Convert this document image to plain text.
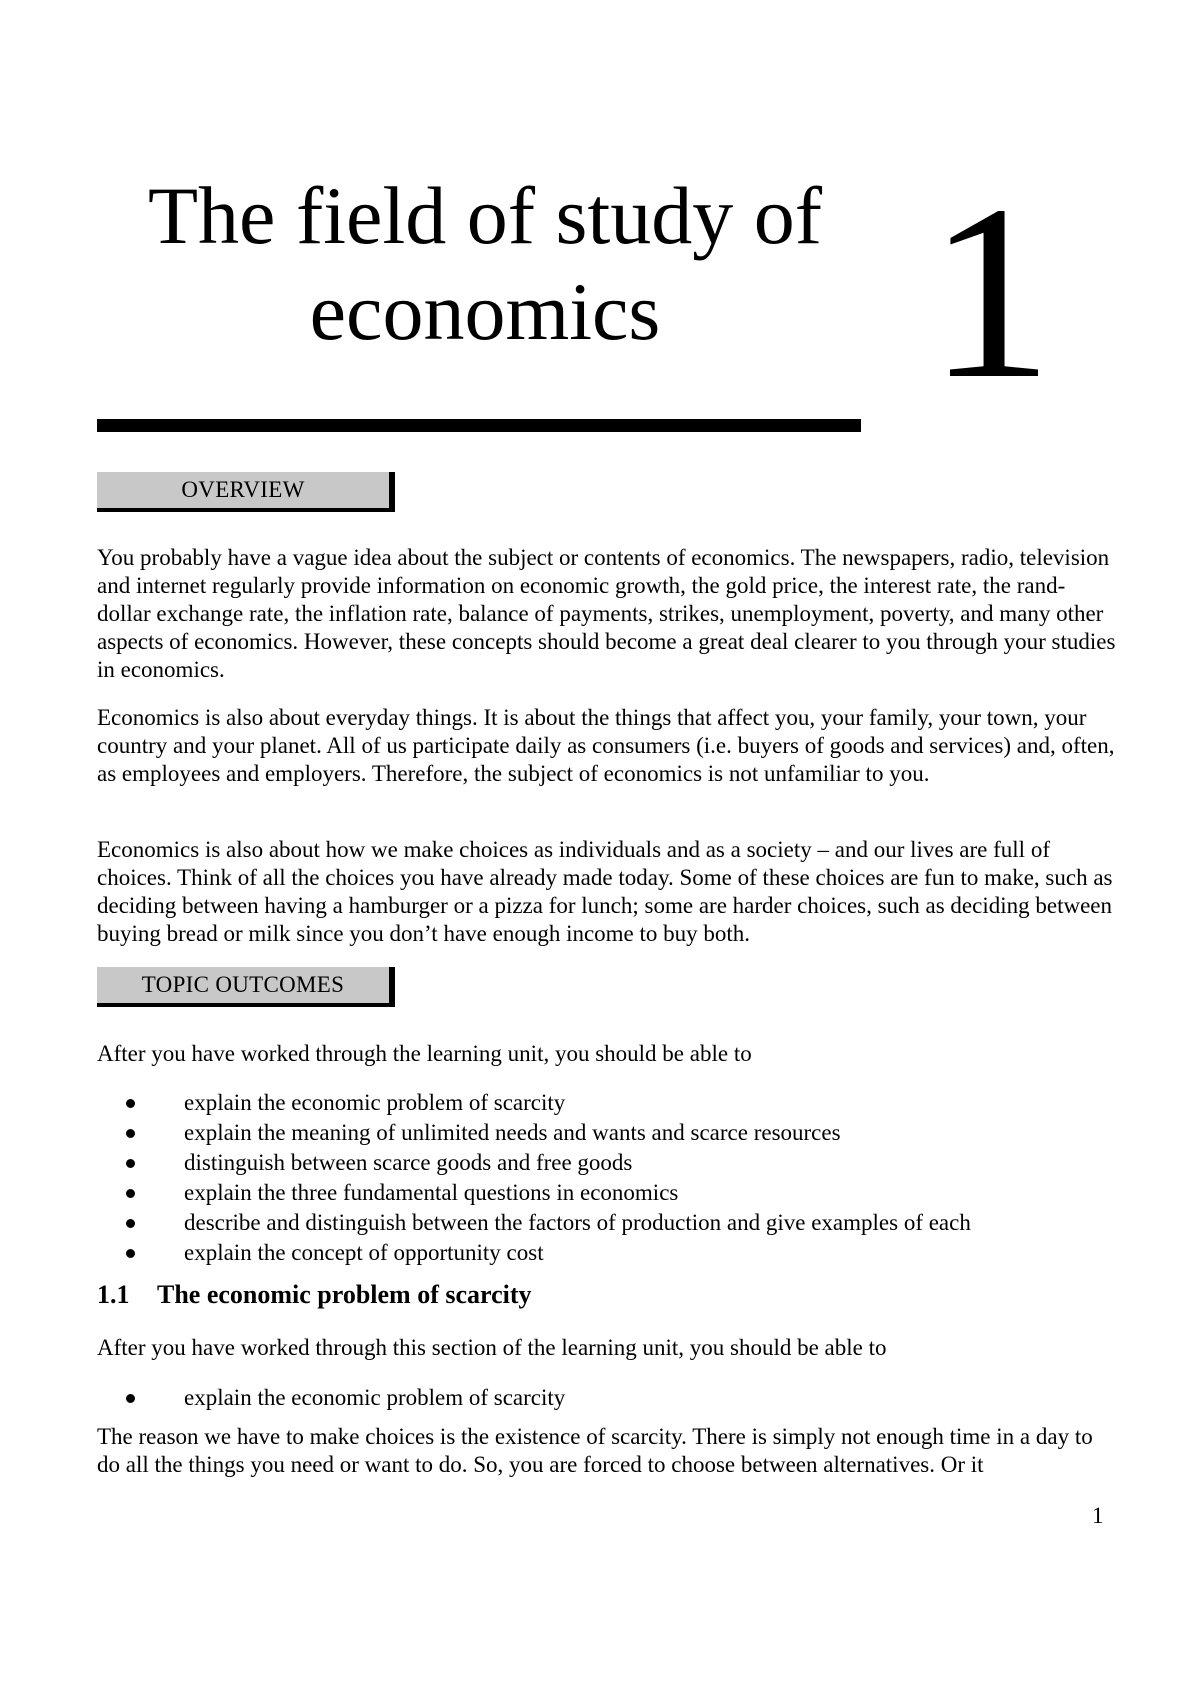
The field of study of
economics	1
OVERVIEW

You probably have a vague idea about the subject or contents of economics. The newspapers, radio, television and internet regularly provide information on economic growth, the gold price, the interest rate, the rand-dollar exchange rate, the inflation rate, balance of payments, strikes, unemployment, poverty, and many other aspects of economics. However, these concepts should become a great deal clearer to you through your studies in economics.

Economics is also about everyday things. It is about the things that affect you, your family, your town, your country and your planet. All of us participate daily as consumers (i.e. buyers of goods and services) and, often, as employees and employers. Therefore, the subject of economics is not unfamiliar to you.

Economics is also about how we make choices as individuals and as a society – and our lives are full of choices. Think of all the choices you have already made today. Some of these choices are fun to make, such as deciding between having a hamburger or a pizza for lunch; some are harder choices, such as deciding between buying bread or milk since you don’t have enough income to buy both.

TOPIC OUTCOMES

After you have worked through the learning unit, you should be able to

explain the economic problem of scarcity
explain the meaning of unlimited needs and wants and scarce resources
distinguish between scarce goods and free goods
explain the three fundamental questions in economics
describe and distinguish between the factors of production and give examples of each
explain the concept of opportunity cost
1.1 The economic problem of scarcity

After you have worked through this section of the learning unit, you should be able to

explain the economic problem of scarcity

The reason we have to make choices is the existence of scarcity. There is simply not enough time in a day to do all the things you need or want to do. So, you are forced to choose between alternatives. Or it

1
